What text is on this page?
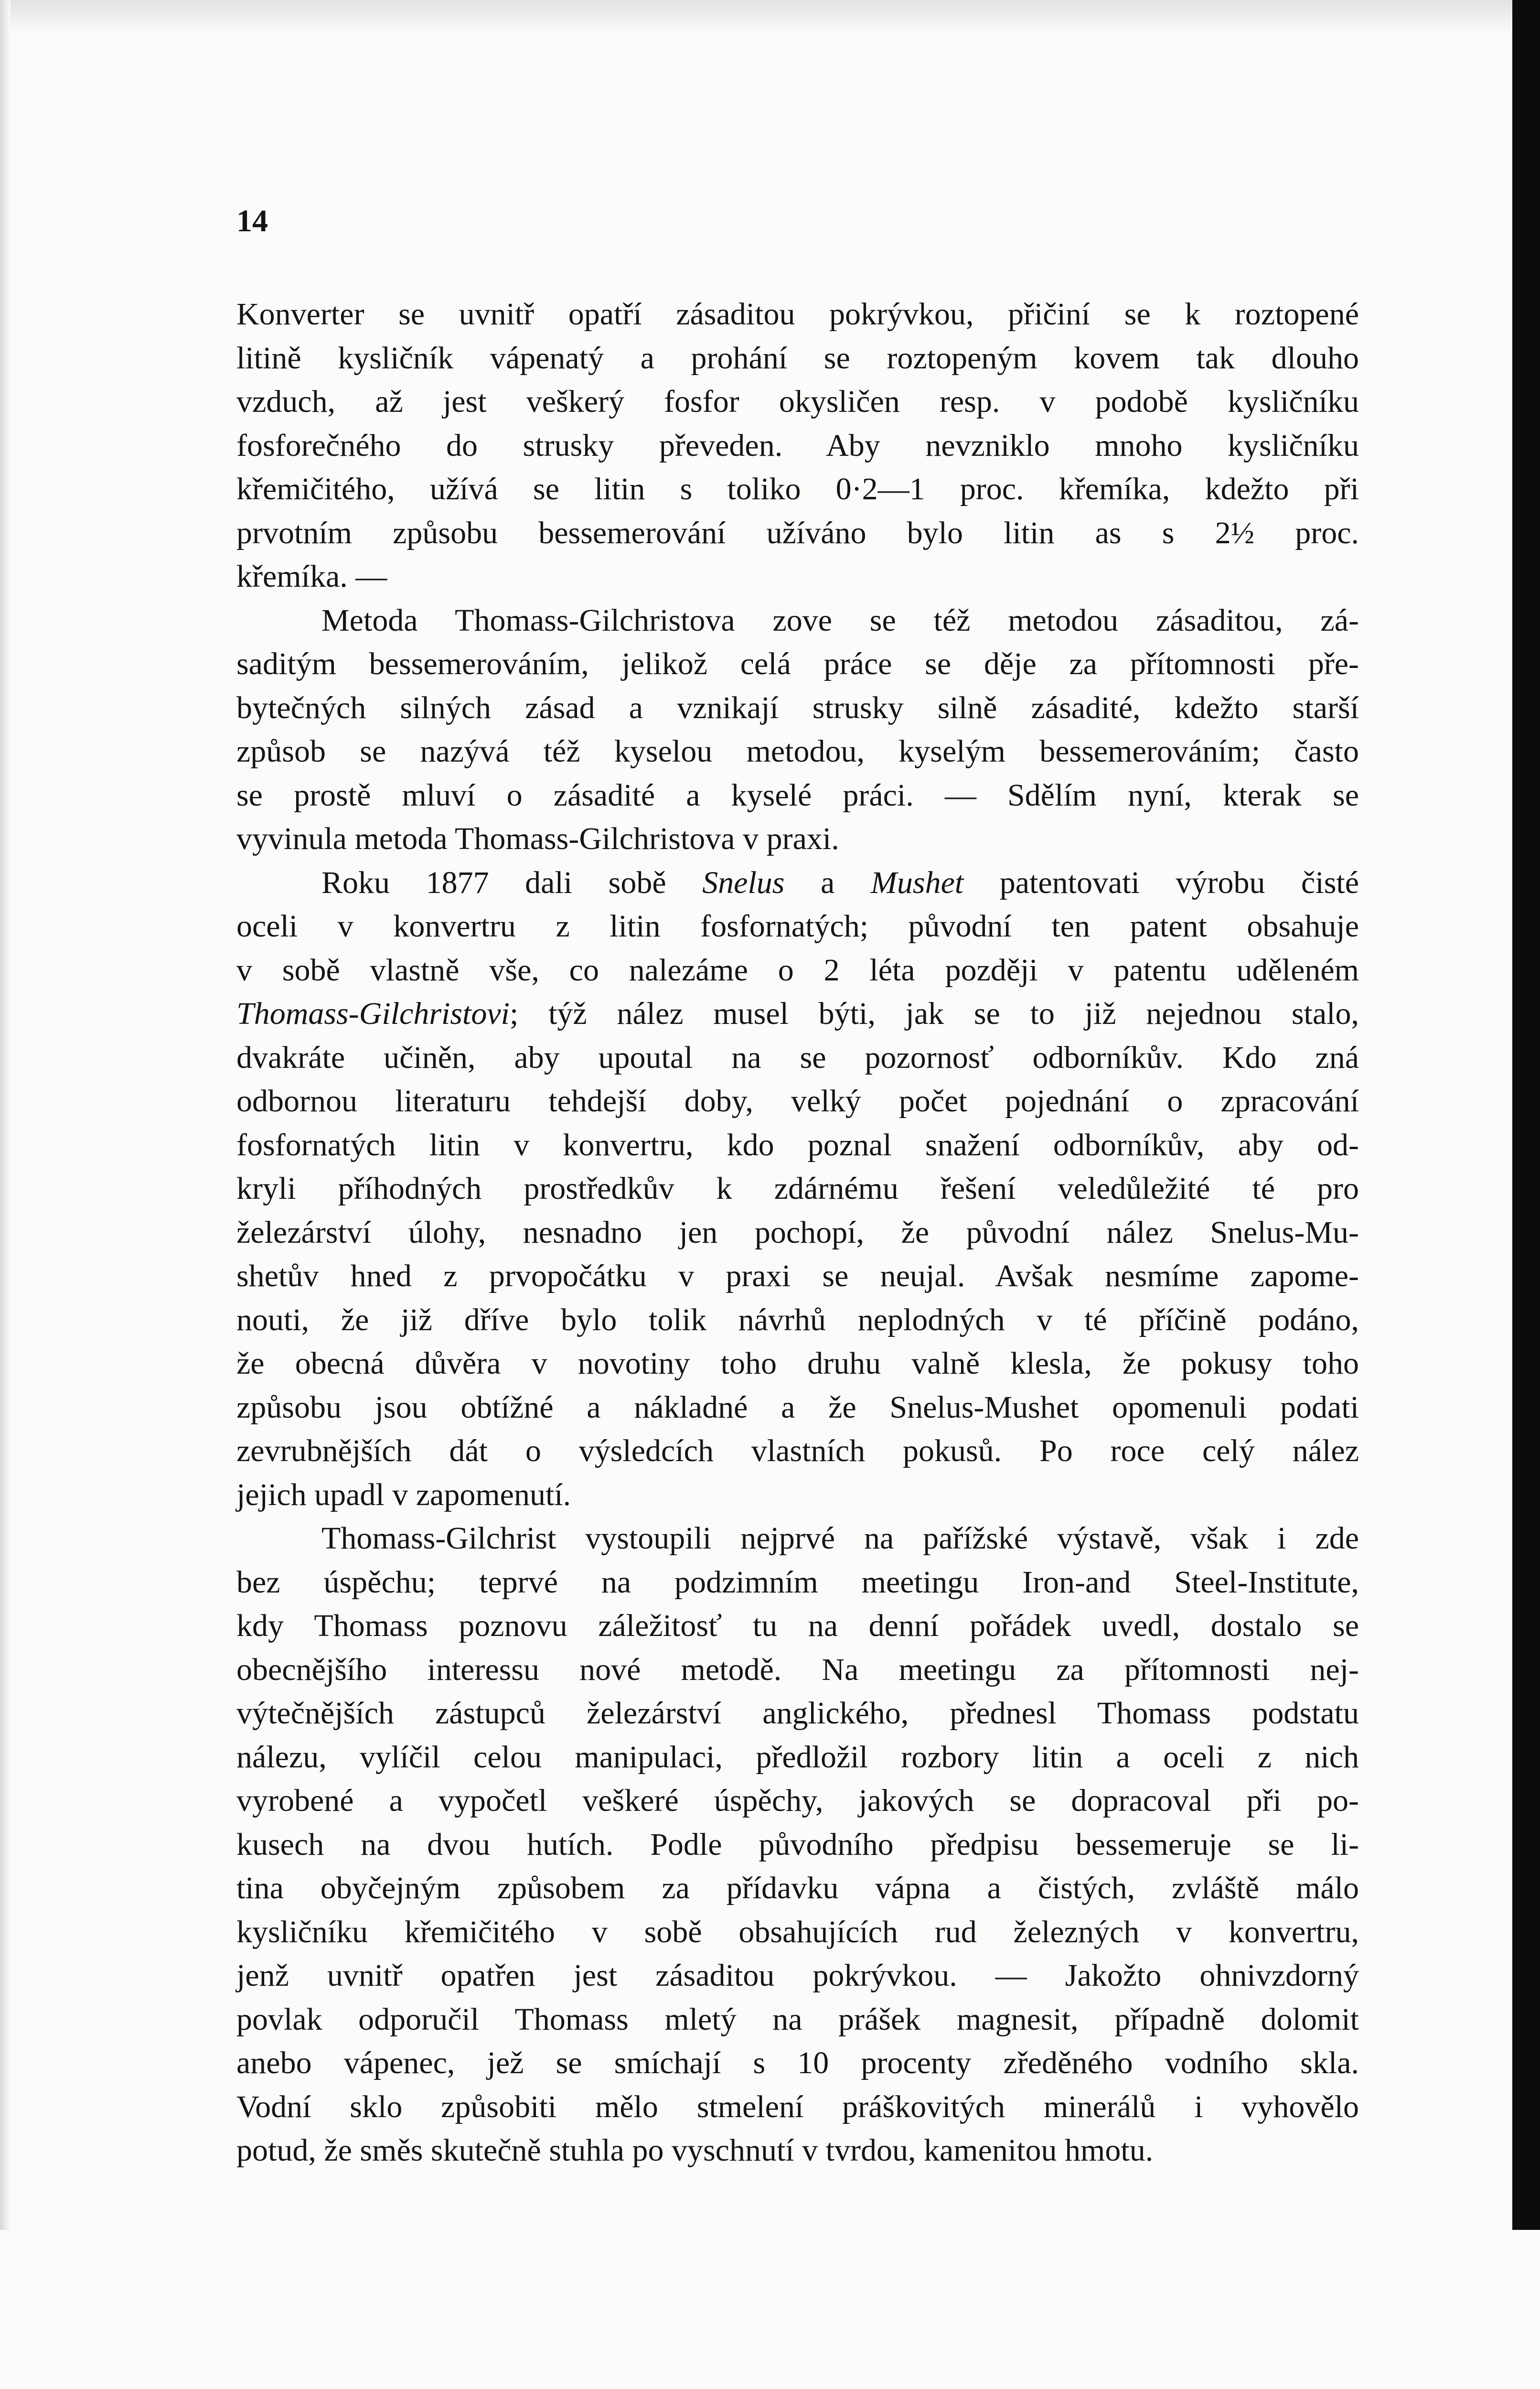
14
Konverter se uvnitř opatří zásaditou pokrývkou, přičiní se k roztopené
litině kysličník vápenatý a prohání se roztopeným kovem tak dlouho
vzduch, až jest veškerý fosfor okysličen resp. v podobě kysličníku
fosforečného do strusky převeden. Aby nevzniklo mnoho kysličníku
křemičitého, užívá se litin s toliko 0·2—1 proc. křemíka, kdežto při
prvotním způsobu bessemerování užíváno bylo litin as s 2½ proc.
křemíka. —
Metoda Thomass-Gilchristova zove se též metodou zásaditou, zá-
saditým bessemerováním, jelikož celá práce se děje za přítomnosti pře-
bytečných silných zásad a vznikají strusky silně zásadité, kdežto starší
způsob se nazývá též kyselou metodou, kyselým bessemerováním; často
se prostě mluví o zásadité a kyselé práci. — Sdělím nyní, kterak se
vyvinula metoda Thomass-Gilchristova v praxi.
Roku 1877 dali sobě Snelus a Mushet patentovati výrobu čisté
oceli v konvertru z litin fosfornatých; původní ten patent obsahuje
v sobě vlastně vše, co nalezáme o 2 léta později v patentu uděleném
Thomass-Gilchristovi; týž nález musel býti, jak se to již nejednou stalo,
dvakráte učiněn, aby upoutal na se pozornosť odborníkův. Kdo zná
odbornou literaturu tehdejší doby, velký počet pojednání o zpracování
fosfornatých litin v konvertru, kdo poznal snažení odborníkův, aby od-
kryli příhodných prostředkův k zdárnému řešení veledůležité té pro
železárství úlohy, nesnadno jen pochopí, že původní nález Snelus-Mu-
shetův hned z prvopočátku v praxi se neujal. Avšak nesmíme zapome-
nouti, že již dříve bylo tolik návrhů neplodných v té příčině podáno,
že obecná důvěra v novotiny toho druhu valně klesla, že pokusy toho
způsobu jsou obtížné a nákladné a že Snelus-Mushet opomenuli podati
zevrubnějších dát o výsledcích vlastních pokusů. Po roce celý nález
jejich upadl v zapomenutí.
Thomass-Gilchrist vystoupili nejprvé na pařížské výstavě, však i zde
bez úspěchu; teprvé na podzimním meetingu Iron-and Steel-Institute,
kdy Thomass poznovu záležitosť tu na denní pořádek uvedl, dostalo se
obecnějšího interessu nové metodě. Na meetingu za přítomnosti nej-
výtečnějších zástupců železárství anglického, přednesl Thomass podstatu
nálezu, vylíčil celou manipulaci, předložil rozbory litin a oceli z nich
vyrobené a vypočetl veškeré úspěchy, jakových se dopracoval při po-
kusech na dvou hutích. Podle původního předpisu bessemeruje se li-
tina obyčejným způsobem za přídavku vápna a čistých, zvláště málo
kysličníku křemičitého v sobě obsahujících rud železných v konvertru,
jenž uvnitř opatřen jest zásaditou pokrývkou. — Jakožto ohnivzdorný
povlak odporučil Thomass mletý na prášek magnesit, případně dolomit
anebo vápenec, jež se smíchají s 10 procenty zředěného vodního skla.
Vodní sklo způsobiti mělo stmelení práškovitých minerálů i vyhovělo
potud, že směs skutečně stuhla po vyschnutí v tvrdou, kamenitou hmotu.
